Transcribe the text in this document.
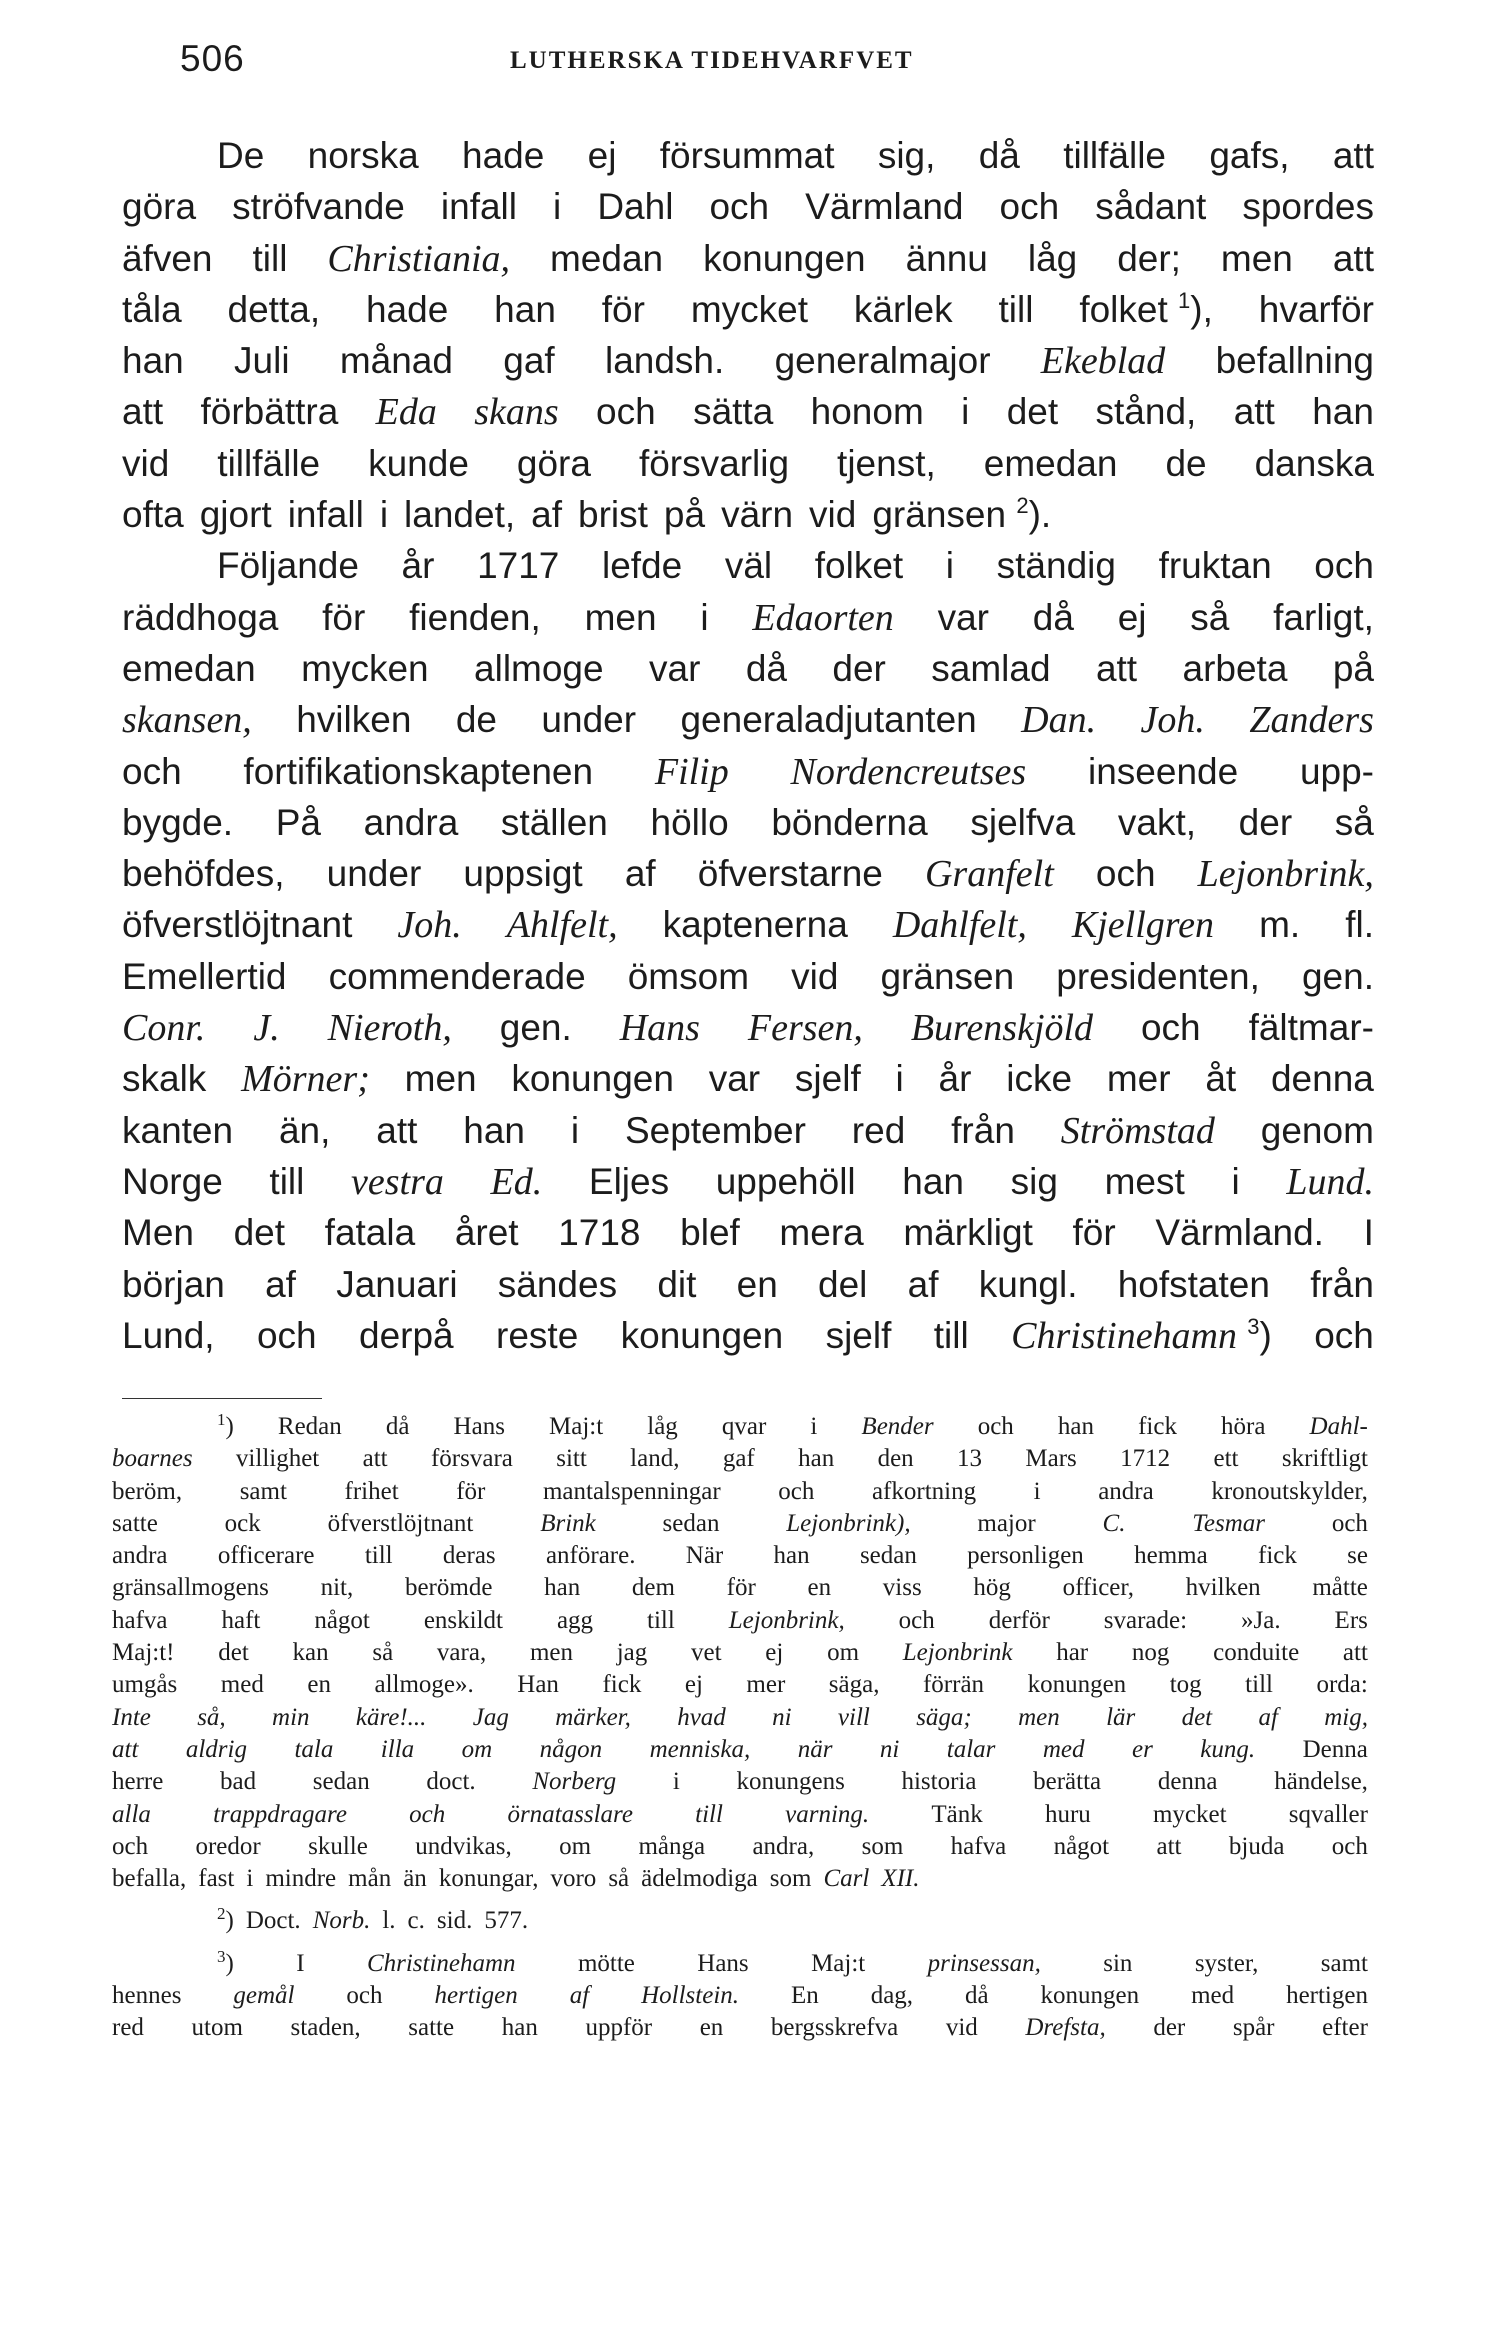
506	LUTHERSKA TIDEHVARFVET
De norska hade ej försummat sig, då tillfälle gafs, att
göra ströfvande infall i Dahl och Värmland och sådant spordes
äfven till Christiania, medan konungen ännu låg der; men att
tåla detta, hade han för mycket kärlek till folket $^1$), hvarför
han Juli månad gaf landsh. generalmajor Ekeblad befallning
att förbättra Eda skans och sätta honom i det stånd, att han
vid tillfälle kunde göra försvarlig tjenst, emedan de danska
ofta gjort infall i landet, af brist på värn vid gränsen $^2$).
Följande år 1717 lefde väl folket i ständig fruktan och
räddhoga för fienden, men i Edaorten var då ej så farligt,
emedan mycken allmoge var då der samlad att arbeta på
skansen, hvilken de under generaladjutanten Dan. Joh. Zanders
och fortifikationskaptenen Filip Nordencreutses inseende upp-
bygde. På andra ställen höllo bönderna sjelfva vakt, der så
behöfdes, under uppsigt af öfverstarne Granfelt och Lejonbrink,
öfverstlöjtnant Joh. Ahlfelt, kaptenerna Dahlfelt, Kjellgren m. fl.
Emellertid commenderade ömsom vid gränsen presidenten, gen.
Conr. J. Nieroth, gen. Hans Fersen, Burenskjöld och fältmar-
skalk Mörner; men konungen var sjelf i år icke mer åt denna
kanten än, att han i September red från Strömstad genom
Norge till vestra Ed. Eljes uppehöll han sig mest i Lund.
Men det fatala året 1718 blef mera märkligt för Värmland. I
början af Januari sändes dit en del af kungl. hofstaten från
Lund, och derpå reste konungen sjelf till Christinehamn $^3$) och
$^1$) Redan då Hans Maj:t låg qvar i Bender och han fick höra Dahl-
boarnes villighet att försvara sitt land, gaf han den 13 Mars 1712 ett skriftligt
beröm, samt frihet för mantalspenningar och afkortning i andra kronoutskylder,
satte	ock	öfverstlöjtnant	Brink	sedan	Lejonbrink),	major	C.	Tesmar	och
andra officerare till deras anförare. När han sedan personligen hemma fick se
gränsallmogens nit, berömde han dem för en viss hög officer, hvilken måtte
hafva haft något enskildt agg till Lejonbrink, och derför svarade: »Ja. Ers
Maj:t! det kan så vara, men jag vet ej om Lejonbrink har nog conduite att
umgås med en allmoge». Han fick ej mer säga, förrän konungen tog till orda:
Inte så, min käre!... Jag märker, hvad ni vill säga; men lär det af mig,
att aldrig tala illa om någon menniska, när ni talar med er kung. Denna
herre bad sedan doct. Norberg i konungens historia berätta denna händelse,
alla trappdragare och örnatasslare till varning. Tänk huru mycket sqvaller
och oredor skulle undvikas, om många andra, som hafva något att bjuda och
befalla, fast i mindre mån än konungar, voro så ädelmodiga som Carl XII.
$^2$) Doct. Norb. l. c. sid. 577.
$^3$) I Christinehamn mötte Hans Maj:t prinsessan, sin syster, samt
hennes gemål och hertigen af Hollstein. En dag, då konungen med hertigen
red utom staden, satte han uppför en bergsskrefva vid Drefsta, der spår efter
